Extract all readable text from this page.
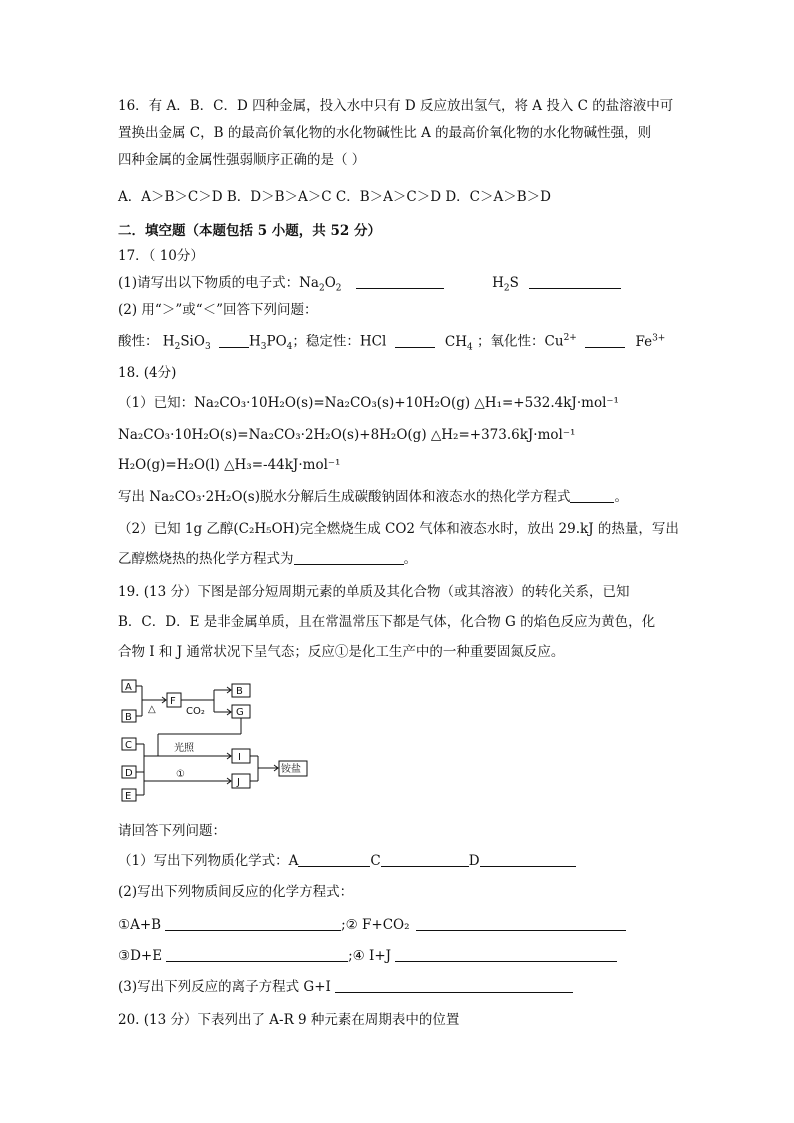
16．有 A．B．C．D 四种金属，投入水中只有 D 反应放出氢气，将 A 投入 C 的盐溶液中可
置换出金属 C，B 的最高价氧化物的水化物碱性比 A 的最高价氧化物的水化物碱性强，则
四种金属的金属性强弱顺序正确的是（ ）
A．A＞B＞C＞D B．D＞B＞A＞C C．B＞A＞C＞D D．C＞A＞B＞D
二．填空题（本题包括 5 小题，共 52 分）
17．（ 10分）
(1)请写出以下物质的电子式：$Na_2O_2$	$H_2S$
(2) 用“＞”或“＜”回答下列问题：
酸性： $H_2SiO_3$	$H_3PO_4$；稳定性：HCl	$CH_4$ ；氧化性：$Cu^{2+}$	$Fe^{3+}$
18. (4分)
（1）已知：Na₂CO₃·10H₂O(s)=Na₂CO₃(s)+10H₂O(g) △H₁=+532.4kJ·mol⁻¹
Na₂CO₃·10H₂O(s)=Na₂CO₃·2H₂O(s)+8H₂O(g) △H₂=+373.6kJ·mol⁻¹
H₂O(g)=H₂O(l) △H₃=-44kJ·mol⁻¹
写出 Na₂CO₃·2H₂O(s)脱水分解后生成碳酸钠固体和液态水的热化学方程式	。
（2）已知 1g 乙醇(C₂H₅OH)完全燃烧生成 CO2 气体和液态水时，放出 29.kJ 的热量，写出
乙醇燃烧热的热化学方程式为	。
19. (13 分）下图是部分短周期元素的单质及其化合物（或其溶液）的转化关系，已知
B．C．D．E 是非金属单质，且在常温常压下都是气体，化合物 G 的焰色反应为黄色，化
合物 I 和 J 通常状况下呈气态；反应①是化工生产中的一种重要固氮反应。
A
B
△
F
CO₂
B
G
C
D
E
光照
①
I
J
铵盐
请回答下列问题：
（1）写出下列物质化学式：A	C	D
(2)写出下列物质间反应的化学方程式：
①A+B	;② F+CO₂
③D+E	;④ I+J
(3)写出下列反应的离子方程式 G+I
20. (13 分）下表列出了 A-R 9 种元素在周期表中的位置
